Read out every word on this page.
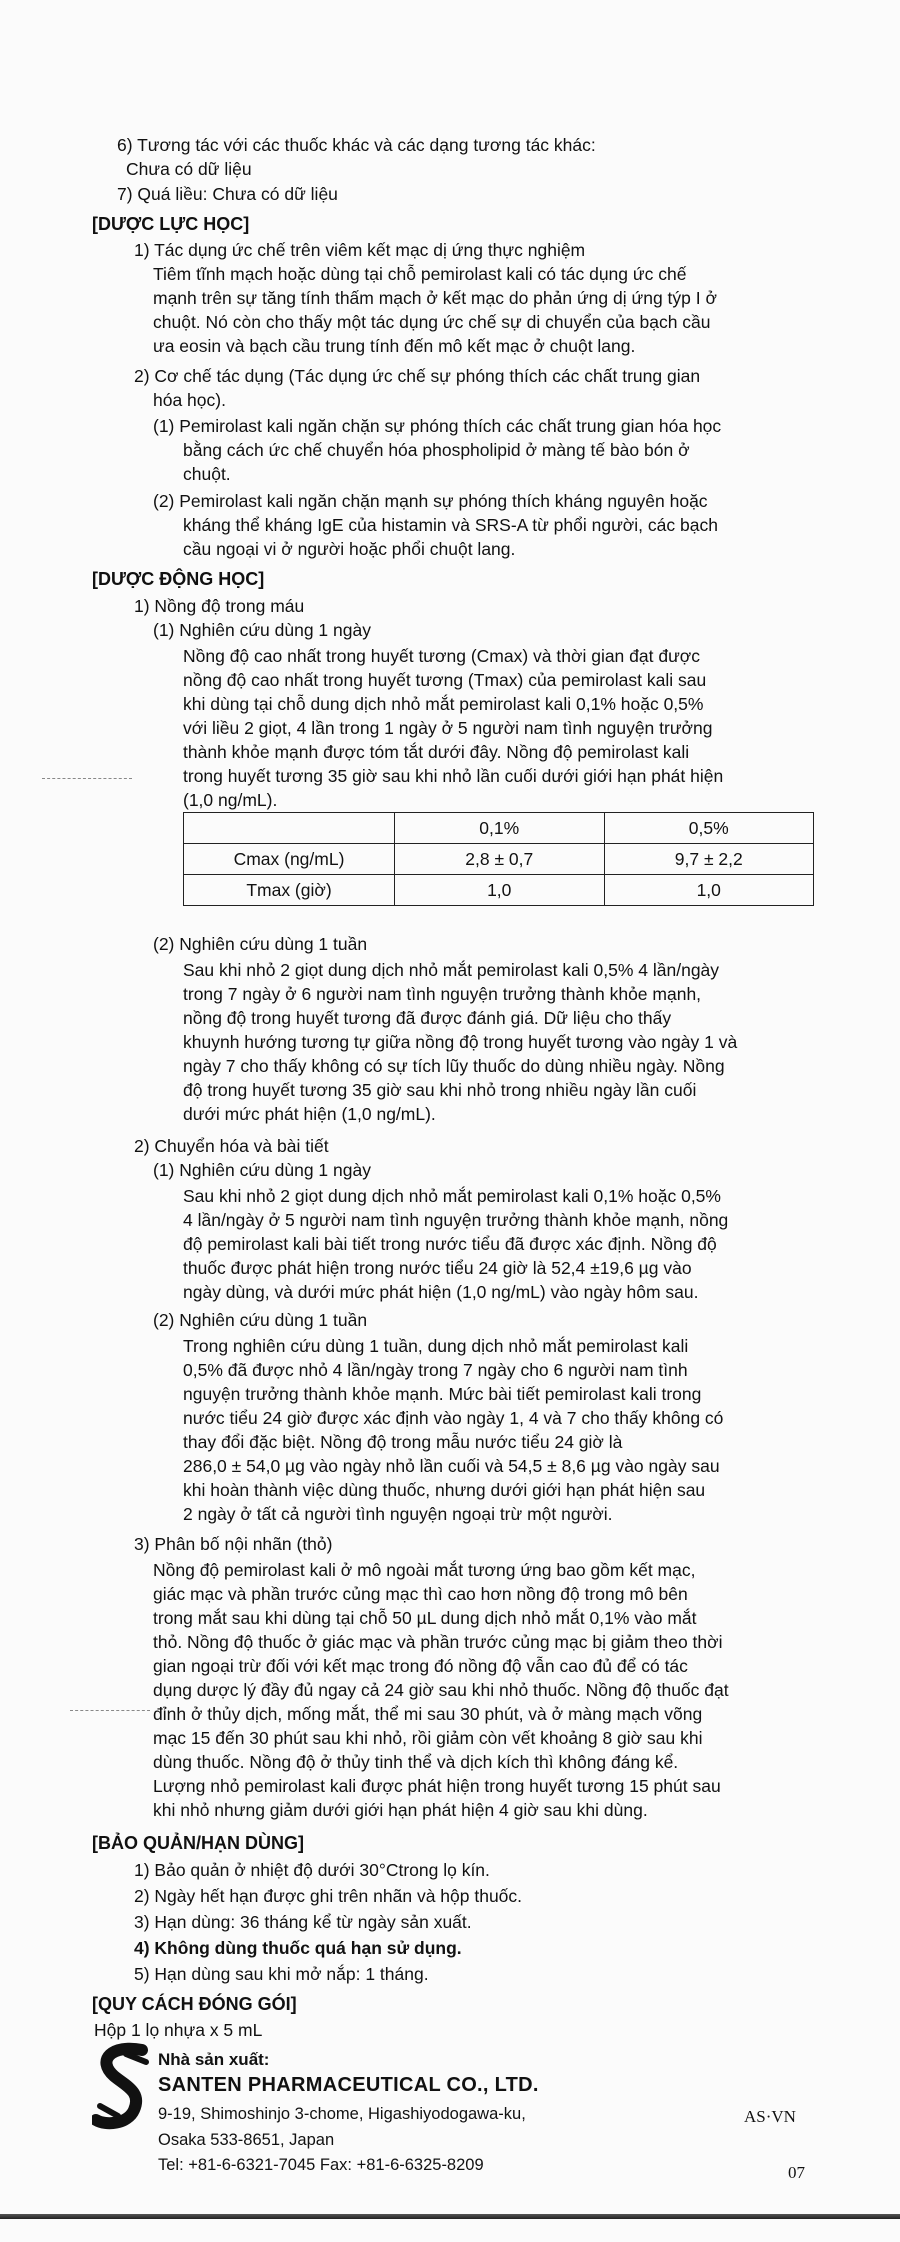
6) Tương tác với các thuốc khác và các dạng tương tác khác:
Chưa có dữ liệu
7) Quá liều: Chưa có dữ liệu
[DƯỢC LỰC HỌC]
1) Tác dụng ức chế trên viêm kết mạc dị ứng thực nghiệm
Tiêm tĩnh mạch hoặc dùng tại chỗ pemirolast kali có tác dụng ức chế
mạnh trên sự tăng tính thấm mạch ở kết mạc do phản ứng dị ứng týp I ở
chuột. Nó còn cho thấy một tác dụng ức chế sự di chuyển của bạch cầu
ưa eosin và bạch cầu trung tính đến mô kết mạc ở chuột lang.
2) Cơ chế tác dụng (Tác dụng ức chế sự phóng thích các chất trung gian
hóa học).
(1) Pemirolast kali ngăn chặn sự phóng thích các chất trung gian hóa học
bằng cách ức chế chuyển hóa phospholipid ở màng tế bào bón ở
chuột.
(2) Pemirolast kali ngăn chặn mạnh sự phóng thích kháng nguyên hoặc
kháng thể kháng IgE của histamin và SRS-A từ phổi người, các bạch
cầu ngoại vi ở người hoặc phổi chuột lang.
[DƯỢC ĐỘNG HỌC]
1) Nồng độ trong máu
(1) Nghiên cứu dùng 1 ngày
Nồng độ cao nhất trong huyết tương (Cmax) và thời gian đạt được
nồng độ cao nhất trong huyết tương (Tmax) của pemirolast kali sau
khi dùng tại chỗ dung dịch nhỏ mắt pemirolast kali 0,1% hoặc 0,5%
với liều 2 giọt, 4 lần trong 1 ngày ở 5 người nam tình nguyện trưởng
thành khỏe mạnh được tóm tắt dưới đây. Nồng độ pemirolast kali
trong huyết tương 35 giờ sau khi nhỏ lần cuối dưới giới hạn phát hiện
(1,0 ng/mL).
	0,1%	0,5%
Cmax (ng/mL)	2,8 ± 0,7	9,7 ± 2,2
Tmax (giờ)	1,0	1,0
(2) Nghiên cứu dùng 1 tuần
Sau khi nhỏ 2 giọt dung dịch nhỏ mắt pemirolast kali 0,5% 4 lần/ngày
trong 7 ngày ở 6 người nam tình nguyện trưởng thành khỏe mạnh,
nồng độ trong huyết tương đã được đánh giá. Dữ liệu cho thấy
khuynh hướng tương tự giữa nồng độ trong huyết tương vào ngày 1 và
ngày 7 cho thấy không có sự tích lũy thuốc do dùng nhiều ngày. Nồng
độ trong huyết tương 35 giờ sau khi nhỏ trong nhiều ngày lần cuối
dưới mức phát hiện (1,0 ng/mL).
2) Chuyển hóa và bài tiết
(1) Nghiên cứu dùng 1 ngày
Sau khi nhỏ 2 giọt dung dịch nhỏ mắt pemirolast kali 0,1% hoặc 0,5%
4 lần/ngày ở 5 người nam tình nguyện trưởng thành khỏe mạnh, nồng
độ pemirolast kali bài tiết trong nước tiểu đã được xác định. Nồng độ
thuốc được phát hiện trong nước tiểu 24 giờ là 52,4 ±19,6 µg vào
ngày dùng, và dưới mức phát hiện (1,0 ng/mL) vào ngày hôm sau.
(2) Nghiên cứu dùng 1 tuần
Trong nghiên cứu dùng 1 tuần, dung dịch nhỏ mắt pemirolast kali
0,5% đã được nhỏ 4 lần/ngày trong 7 ngày cho 6 người nam tình
nguyện trưởng thành khỏe mạnh. Mức bài tiết pemirolast kali trong
nước tiểu 24 giờ được xác định vào ngày 1, 4 và 7 cho thấy không có
thay đổi đặc biệt. Nồng độ trong mẫu nước tiểu 24 giờ là
286,0 ± 54,0 µg vào ngày nhỏ lần cuối và 54,5 ± 8,6 µg vào ngày sau
khi hoàn thành việc dùng thuốc, nhưng dưới giới hạn phát hiện sau
2 ngày ở tất cả người tình nguyện ngoại trừ một người.
3) Phân bố nội nhãn (thỏ)
Nồng độ pemirolast kali ở mô ngoài mắt tương ứng bao gồm kết mạc,
giác mạc và phần trước củng mạc thì cao hơn nồng độ trong mô bên
trong mắt sau khi dùng tại chỗ 50 µL dung dịch nhỏ mắt 0,1% vào mắt
thỏ. Nồng độ thuốc ở giác mạc và phần trước củng mạc bị giảm theo thời
gian ngoại trừ đối với kết mạc trong đó nồng độ vẫn cao đủ để có tác
dụng dược lý đầy đủ ngay cả 24 giờ sau khi nhỏ thuốc. Nồng độ thuốc đạt
đỉnh ở thủy dịch, mống mắt, thể mi sau 30 phút, và ở màng mạch võng
mạc 15 đến 30 phút sau khi nhỏ, rồi giảm còn vết khoảng 8 giờ sau khi
dùng thuốc. Nồng độ ở thủy tinh thể và dịch kích thì không đáng kể.
Lượng nhỏ pemirolast kali được phát hiện trong huyết tương 15 phút sau
khi nhỏ nhưng giảm dưới giới hạn phát hiện 4 giờ sau khi dùng.
[BẢO QUẢN/HẠN DÙNG]
1) Bảo quản ở nhiệt độ dưới 30°Ctrong lọ kín.
2) Ngày hết hạn được ghi trên nhãn và hộp thuốc.
3) Hạn dùng: 36 tháng kể từ ngày sản xuất.
4) Không dùng thuốc quá hạn sử dụng.
5) Hạn dùng sau khi mở nắp: 1 tháng.
[QUY CÁCH ĐÓNG GÓI]
Hộp 1 lọ nhựa x 5 mL
Nhà sản xuất:
SANTEN PHARMACEUTICAL CO., LTD.
9-19, Shimoshinjo 3-chome, Higashiyodogawa-ku,
Osaka 533-8651, Japan
Tel: +81-6-6321-7045 Fax: +81-6-6325-8209
AS·VN
07
